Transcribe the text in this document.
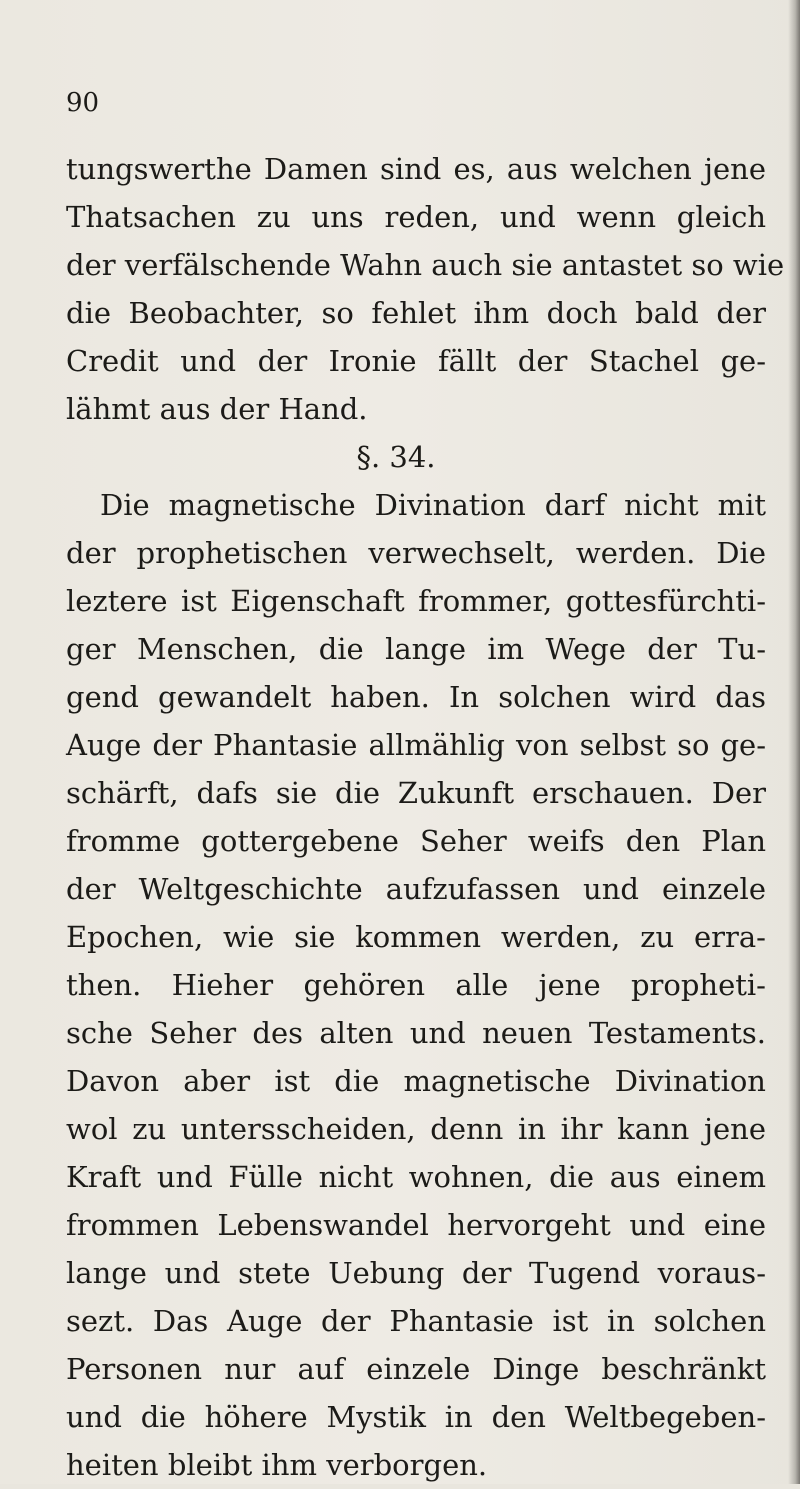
90
tungswerthe Damen sind es, aus welchen jene
Thatsachen zu uns reden, und wenn gleich
der verfälschende Wahn auch sie antastet so wie
die Beobachter, so fehlet ihm doch bald der
Credit und der Ironie fällt der Stachel ge-
lähmt aus der Hand.
§. 34.
Die magnetische Divination darf nicht mit
der prophetischen verwechselt, werden. Die
leztere ist Eigenschaft frommer, gottesfürchti-
ger Menschen, die lange im Wege der Tu-
gend gewandelt haben. In solchen wird das
Auge der Phantasie allmählig von selbst so ge-
schärft, dafs sie die Zukunft erschauen. Der
fromme gottergebene Seher weifs den Plan
der Weltgeschichte aufzufassen und einzele
Epochen, wie sie kommen werden, zu erra-
then. Hieher gehören alle jene propheti-
sche Seher des alten und neuen Testaments.
Davon aber ist die magnetische Divination
wol zu untersscheiden, denn in ihr kann jene
Kraft und Fülle nicht wohnen, die aus einem
frommen Lebenswandel hervorgeht und eine
lange und stete Uebung der Tugend voraus-
sezt. Das Auge der Phantasie ist in solchen
Personen nur auf einzele Dinge beschränkt
und die höhere Mystik in den Weltbegeben-
heiten bleibt ihm verborgen.
